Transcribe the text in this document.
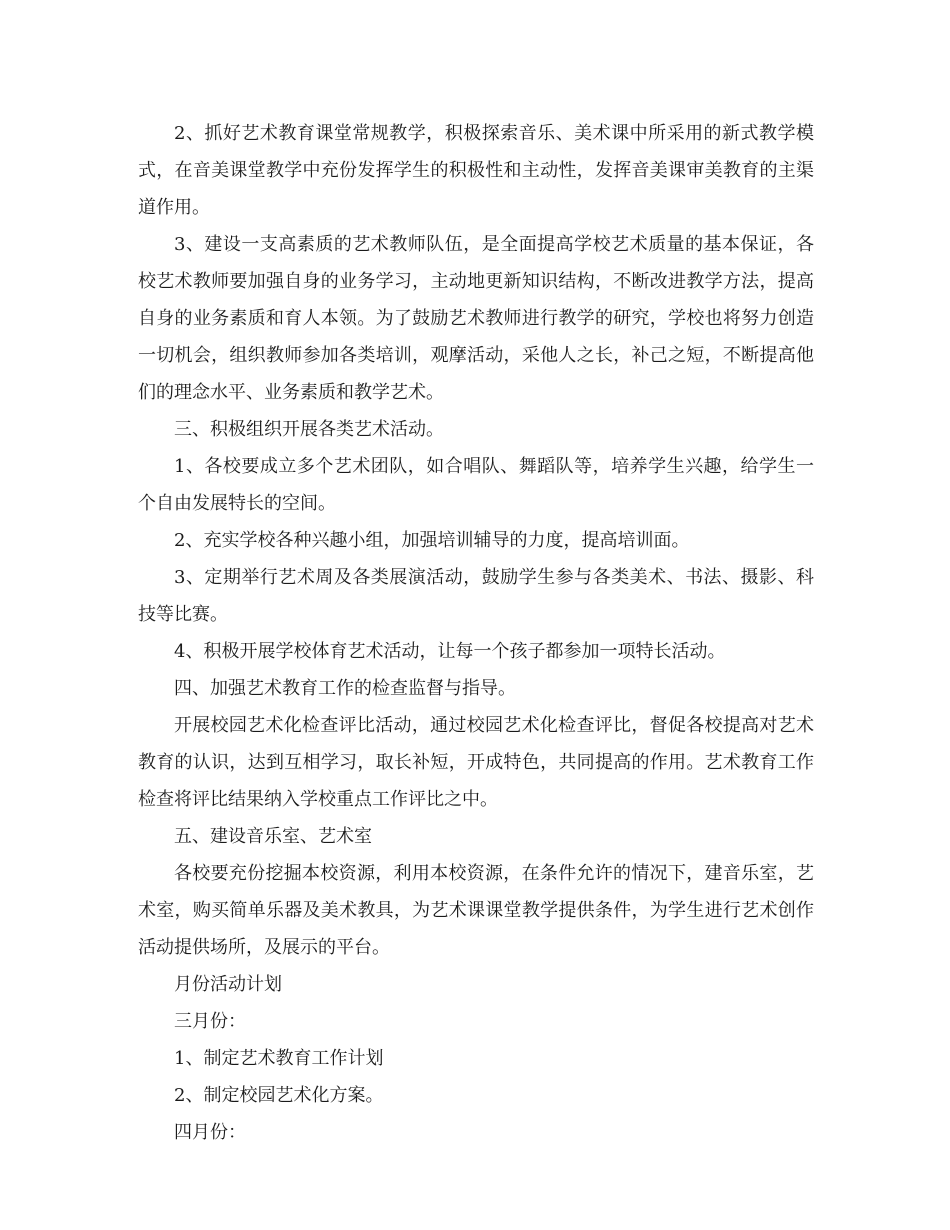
2、抓好艺术教育课堂常规教学，积极探索音乐、美术课中所采用的新式教学模式，在音美课堂教学中充份发挥学生的积极性和主动性，发挥音美课审美教育的主渠道作用。

3、建设一支高素质的艺术教师队伍，是全面提高学校艺术质量的基本保证，各校艺术教师要加强自身的业务学习，主动地更新知识结构，不断改进教学方法，提高自身的业务素质和育人本领。为了鼓励艺术教师进行教学的研究，学校也将努力创造一切机会，组织教师参加各类培训，观摩活动，采他人之长，补己之短，不断提高他们的理念水平、业务素质和教学艺术。

三、积极组织开展各类艺术活动。

1、各校要成立多个艺术团队，如合唱队、舞蹈队等，培养学生兴趣，给学生一个自由发展特长的空间。

2、充实学校各种兴趣小组，加强培训辅导的力度，提高培训面。

3、定期举行艺术周及各类展演活动，鼓励学生参与各类美术、书法、摄影、科技等比赛。

4、积极开展学校体育艺术活动，让每一个孩子都参加一项特长活动。

四、加强艺术教育工作的检查监督与指导。

开展校园艺术化检查评比活动，通过校园艺术化检查评比，督促各校提高对艺术教育的认识，达到互相学习，取长补短，开成特色，共同提高的作用。艺术教育工作检查将评比结果纳入学校重点工作评比之中。

五、建设音乐室、艺术室

各校要充份挖掘本校资源，利用本校资源，在条件允许的情况下，建音乐室，艺术室，购买简单乐器及美术教具，为艺术课课堂教学提供条件，为学生进行艺术创作活动提供场所，及展示的平台。

月份活动计划

三月份：

1、制定艺术教育工作计划

2、制定校园艺术化方案。

四月份：
